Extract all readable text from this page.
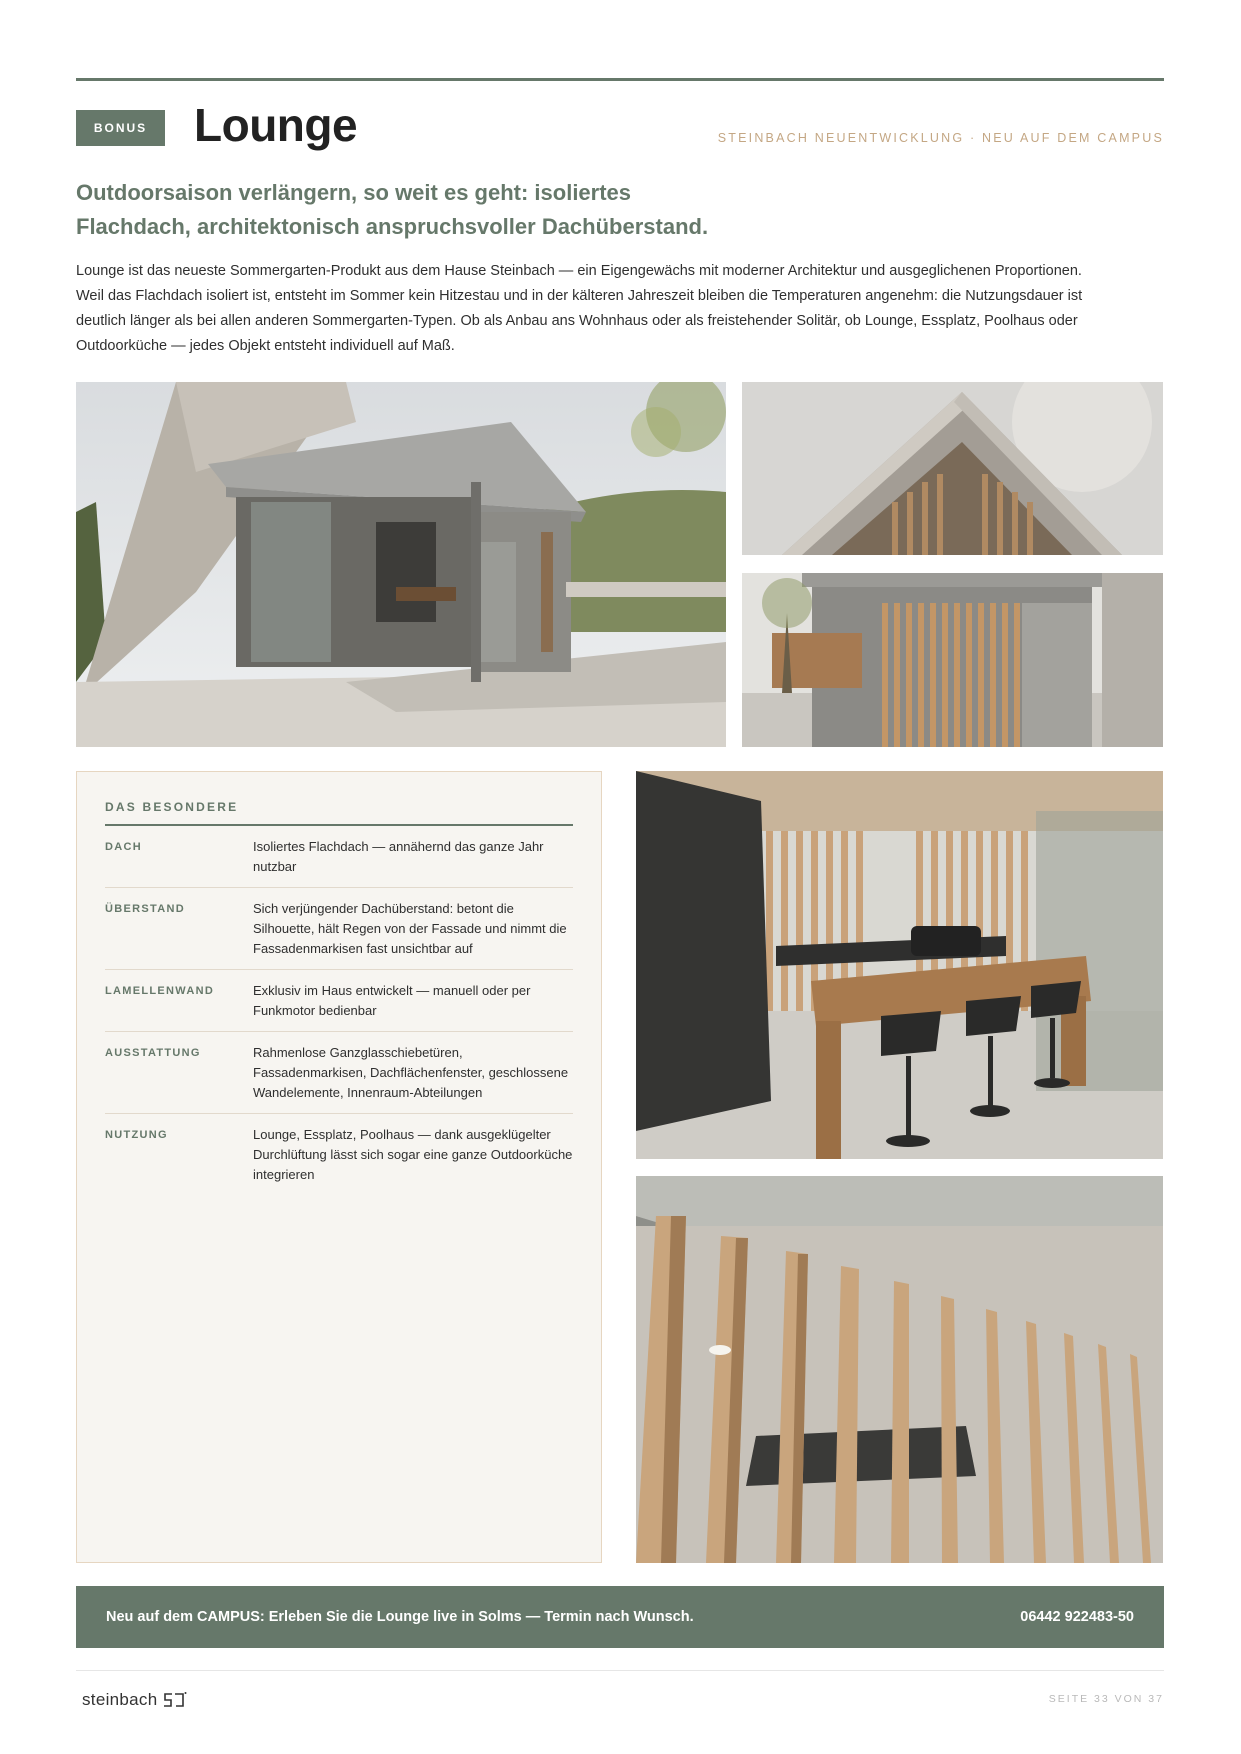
BONUS	Lounge	STEINBACH NEUENTWICKLUNG · NEU AUF DEM CAMPUS
Outdoorsaison verlängern, so weit es geht: isoliertes
Flachdach, architektonisch anspruchsvoller Dachüberstand.

Lounge ist das neueste Sommergarten-Produkt aus dem Hause Steinbach — ein Eigengewächs mit moderner Architektur und ausgeglichenen Proportionen. Weil das Flachdach isoliert ist, entsteht im Sommer kein Hitzestau und in der kälteren Jahreszeit bleiben die Temperaturen angenehm: die Nutzungsdauer ist deutlich länger als bei allen anderen Sommergarten-Typen. Ob als Anbau ans Wohnhaus oder als freistehender Solitär, ob Lounge, Essplatz, Poolhaus oder Outdoorküche — jedes Objekt entsteht individuell auf Maß.

DAS BESONDERE
DACH	Isoliertes Flachdach — annähernd das ganze Jahr nutzbar
ÜBERSTAND	Sich verjüngender Dachüberstand: betont die Silhouette, hält Regen von der Fassade und nimmt die Fassadenmarkisen fast unsichtbar auf
LAMELLENWAND	Exklusiv im Haus entwickelt — manuell oder per Funkmotor bedienbar
AUSSTATTUNG	Rahmenlose Ganzglasschiebetüren, Fassadenmarkisen, Dachflächenfenster, geschlossene Wandelemente, Innenraum-Abteilungen
NUTZUNG	Lounge, Essplatz, Poolhaus — dank ausgeklügelter Durchlüftung lässt sich sogar eine ganze Outdoorküche integrieren
Neu auf dem CAMPUS: Erleben Sie die Lounge live in Solms — Termin nach Wunsch.	06442 922483-50
steinbach	SEITE 33 VON 37
